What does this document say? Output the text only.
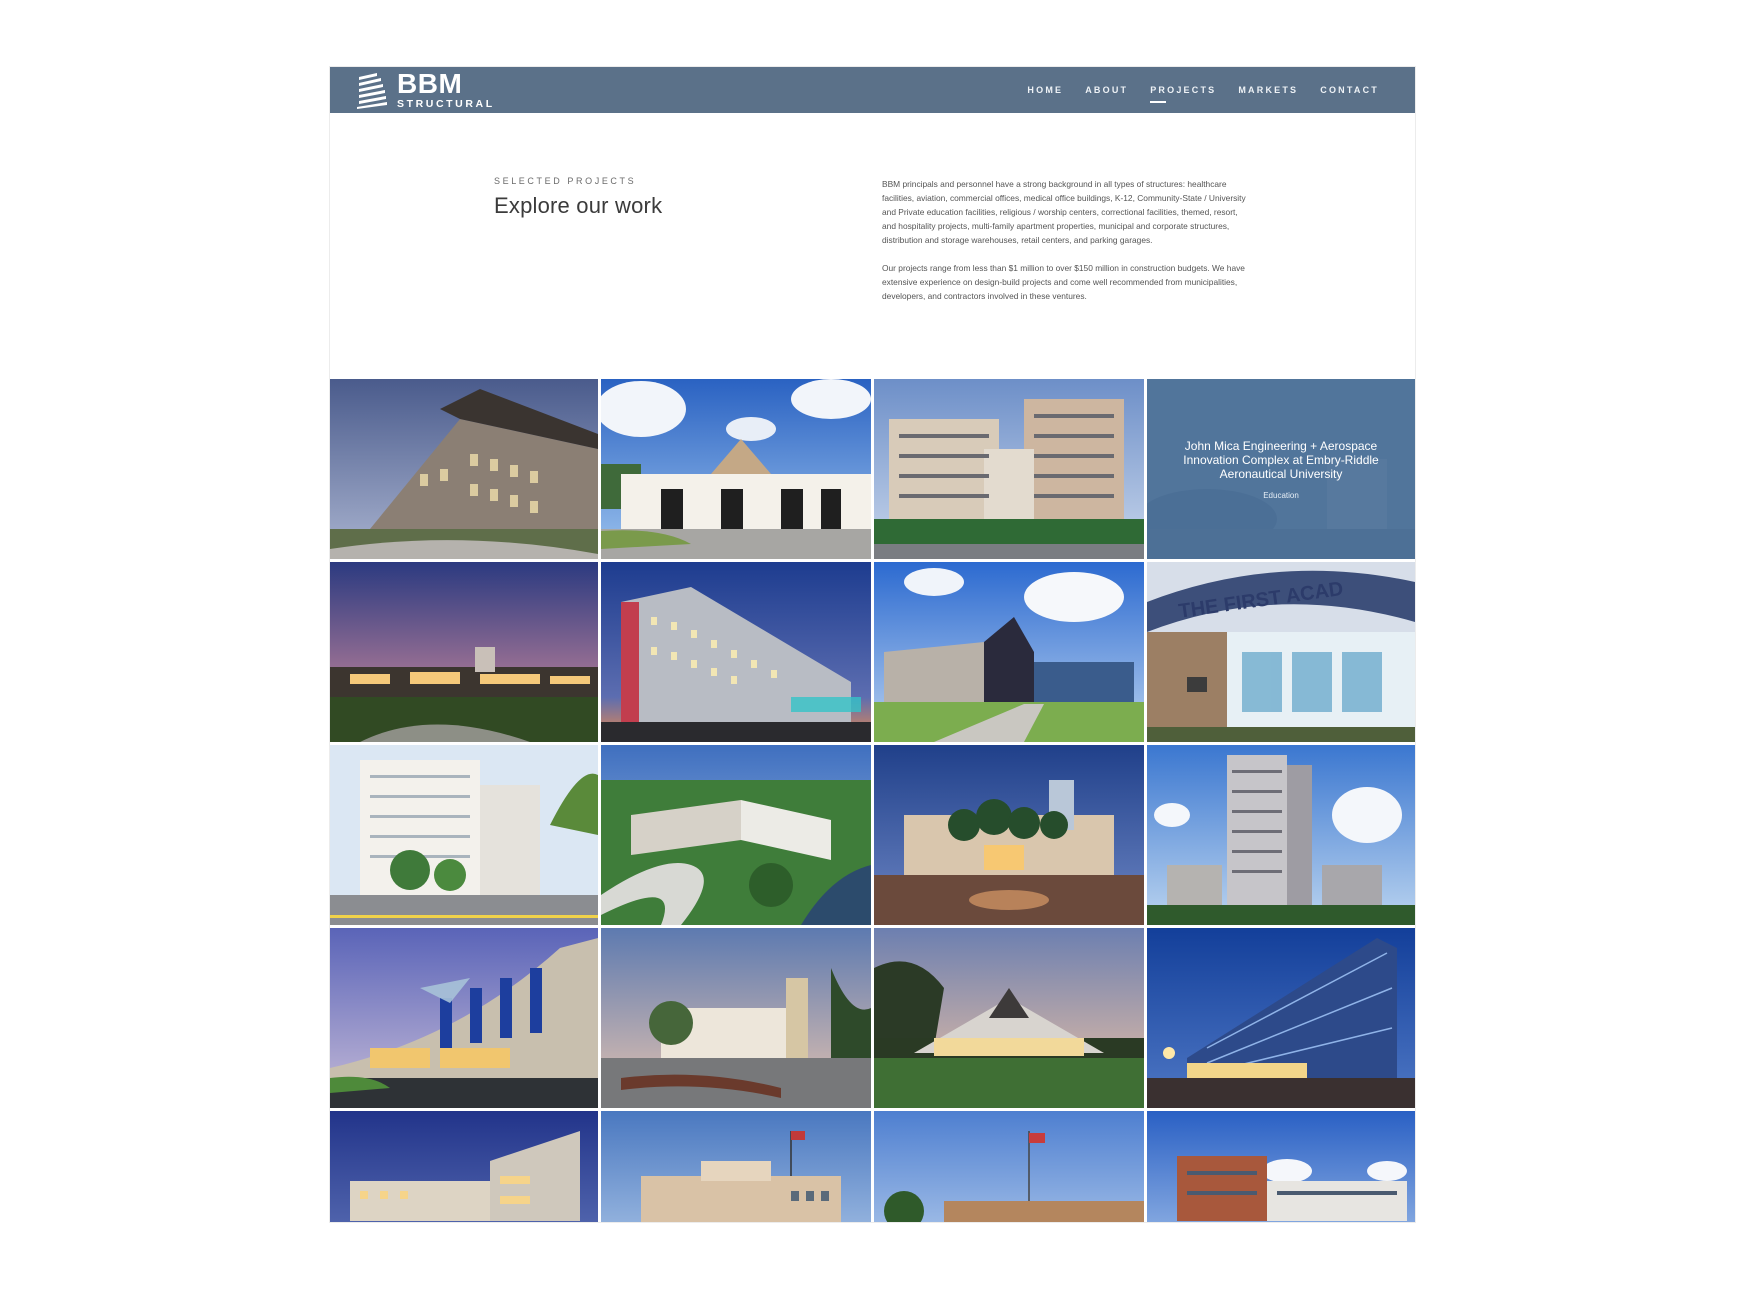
BBM
STRUCTURAL
HOME ABOUT PROJECTS MARKETS CONTACT
SELECTED PROJECTS
Explore our work

BBM principals and personnel have a strong background in all types of structures: healthcare facilities, aviation, commercial offices, medical office buildings, K-12, Community-State / University and Private education facilities, religious / worship centers, correctional facilities, themed, resort, and hospitality projects, multi-family apartment properties, municipal and corporate structures, distribution and storage warehouses, retail centers, and parking garages.

Our projects range from less than $1 million to over $150 million in construction budgets. We have extensive experience on design-build projects and come well recommended from municipalities, developers, and contractors involved in these ventures.

John Mica Engineering + Aerospace Innovation Complex at Embry-Riddle Aeronautical University
Education
THE FIRST ACAD
